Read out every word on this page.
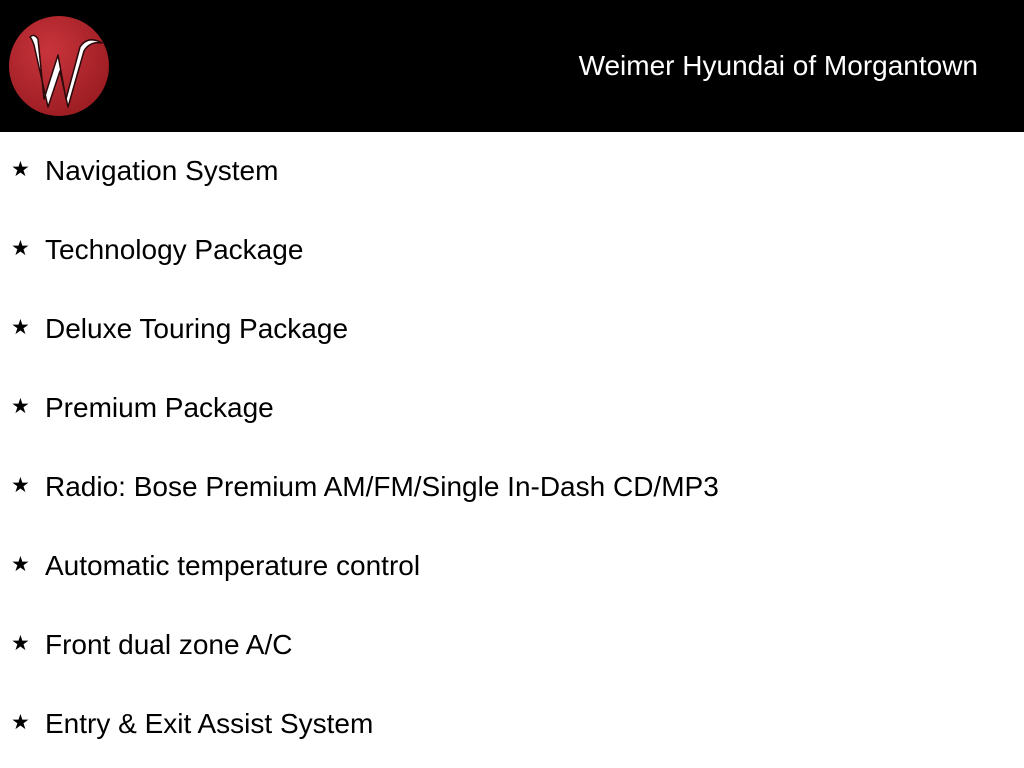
Weimer Hyundai of Morgantown
★ Navigation System
★ Technology Package
★ Deluxe Touring Package
★ Premium Package
★ Radio: Bose Premium AM/FM/Single In-Dash CD/MP3
★ Automatic temperature control
★ Front dual zone A/C
★ Entry & Exit Assist System
